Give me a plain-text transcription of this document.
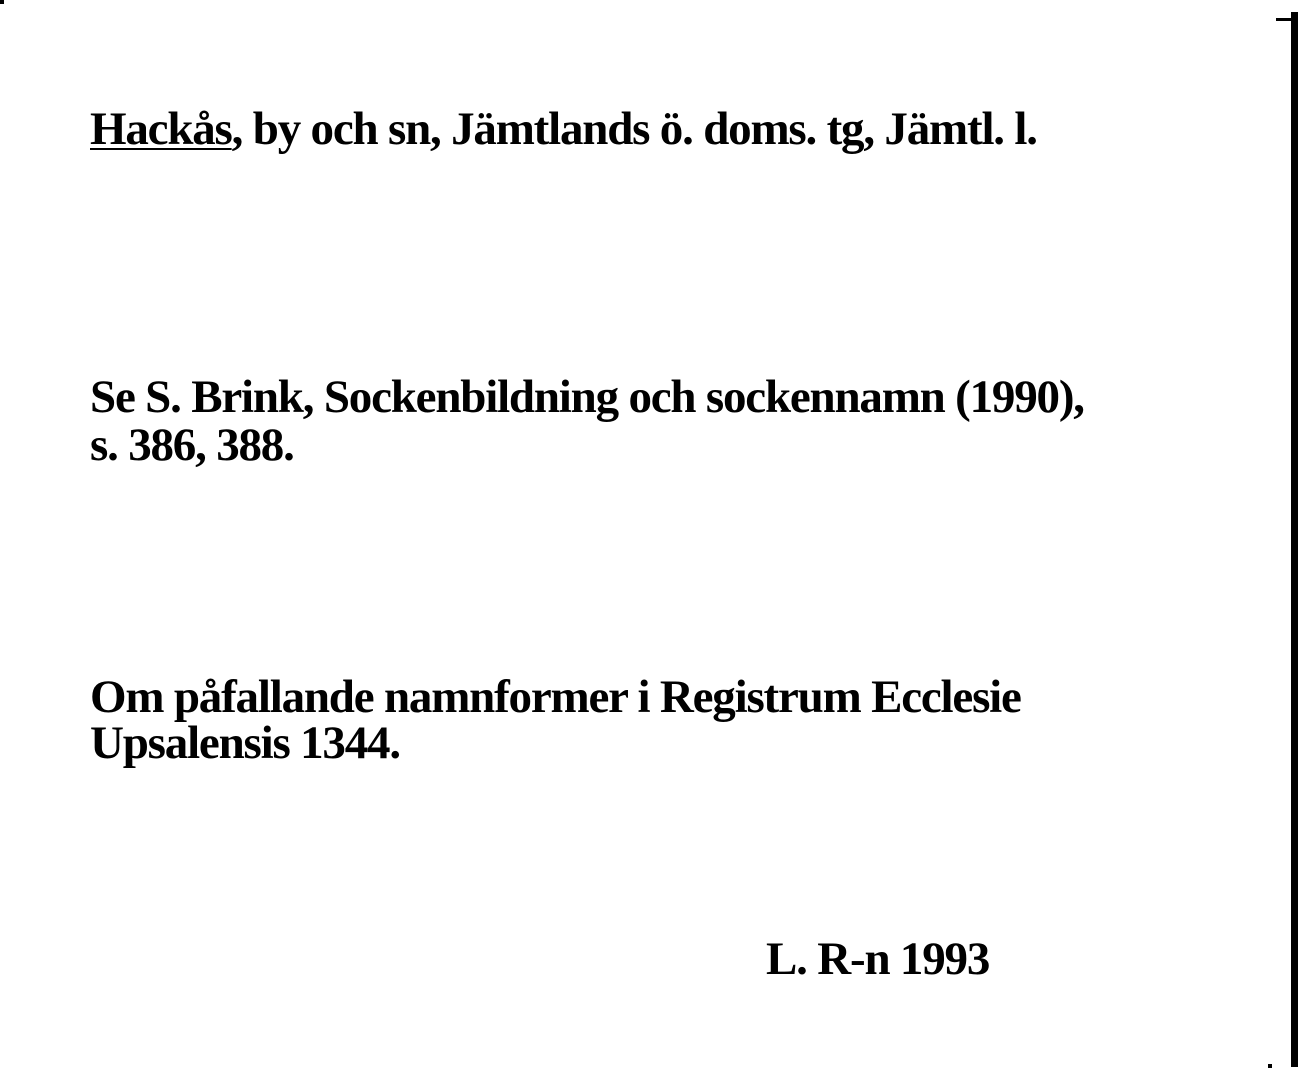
Hackås, by och sn, Jämtlands ö. doms. tg, Jämtl. l.
Se S. Brink, Sockenbildning och sockennamn (1990),
s. 386, 388.
Om påfallande namnformer i Registrum Ecclesie
Upsalensis 1344.
L. R-n 1993
